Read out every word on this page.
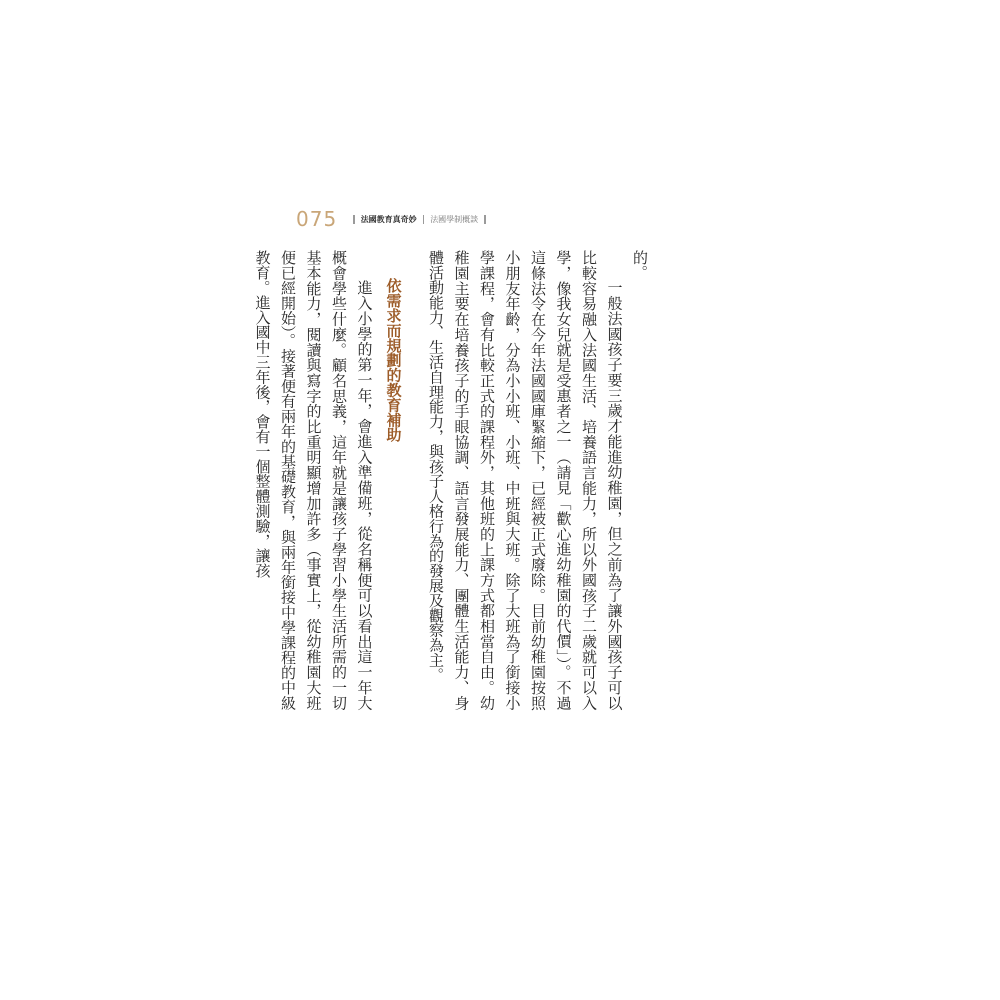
075	法國教育真奇妙 法國學制概談

的。

一般法國孩子要三歲才能進幼稚園，但之前為了讓外國孩子可以比較容易融入法國生活、培養語言能力，所以外國孩子二歲就可以入學，像我女兒就是受惠者之一（請見「歡心進幼稚園的代價」）。不過這條法令在今年法國國庫緊縮下，已經被正式廢除。目前幼稚園按照小朋友年齡，分為小小班、小班、中班與大班。除了大班為了銜接小學課程，會有比較正式的課程外，其他班的上課方式都相當自由。幼稚園主要在培養孩子的手眼協調、語言發展能力、團體生活能力、身體活動能力、生活自理能力，與孩子人格行為的發展及觀察為主。

依需求而規劃的教育補助

進入小學的第一年，會進入準備班，從名稱便可以看出這一年大概會學些什麼。顧名思義，這年就是讓孩子學習小學生活所需的一切基本能力，閱讀與寫字的比重明顯增加許多（事實上，從幼稚園大班便已經開始）。接著便有兩年的基礎教育，與兩年銜接中學課程的中級教育。進入國中三年後，會有一個整體測驗，讓孩
